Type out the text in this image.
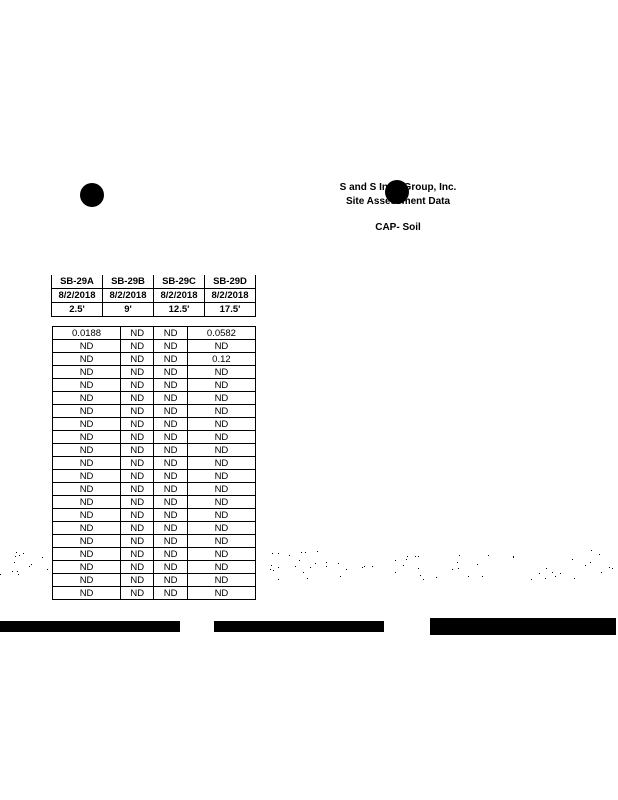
S and S Infra Group, Inc.
Site Assessment Data
CAP- Soil
SB-29A	SB-29B	SB-29C	SB-29D
8/2/2018	8/2/2018	8/2/2018	8/2/2018
2.5'	9'	12.5'	17.5'
0.0188	ND	ND	0.0582
ND	ND	ND	ND
ND	ND	ND	0.12
ND	ND	ND	ND
ND	ND	ND	ND
ND	ND	ND	ND
ND	ND	ND	ND
ND	ND	ND	ND
ND	ND	ND	ND
ND	ND	ND	ND
ND	ND	ND	ND
ND	ND	ND	ND
ND	ND	ND	ND
ND	ND	ND	ND
ND	ND	ND	ND
ND	ND	ND	ND
ND	ND	ND	ND
ND	ND	ND	ND
ND	ND	ND	ND
ND	ND	ND	ND
ND	ND	ND	ND
